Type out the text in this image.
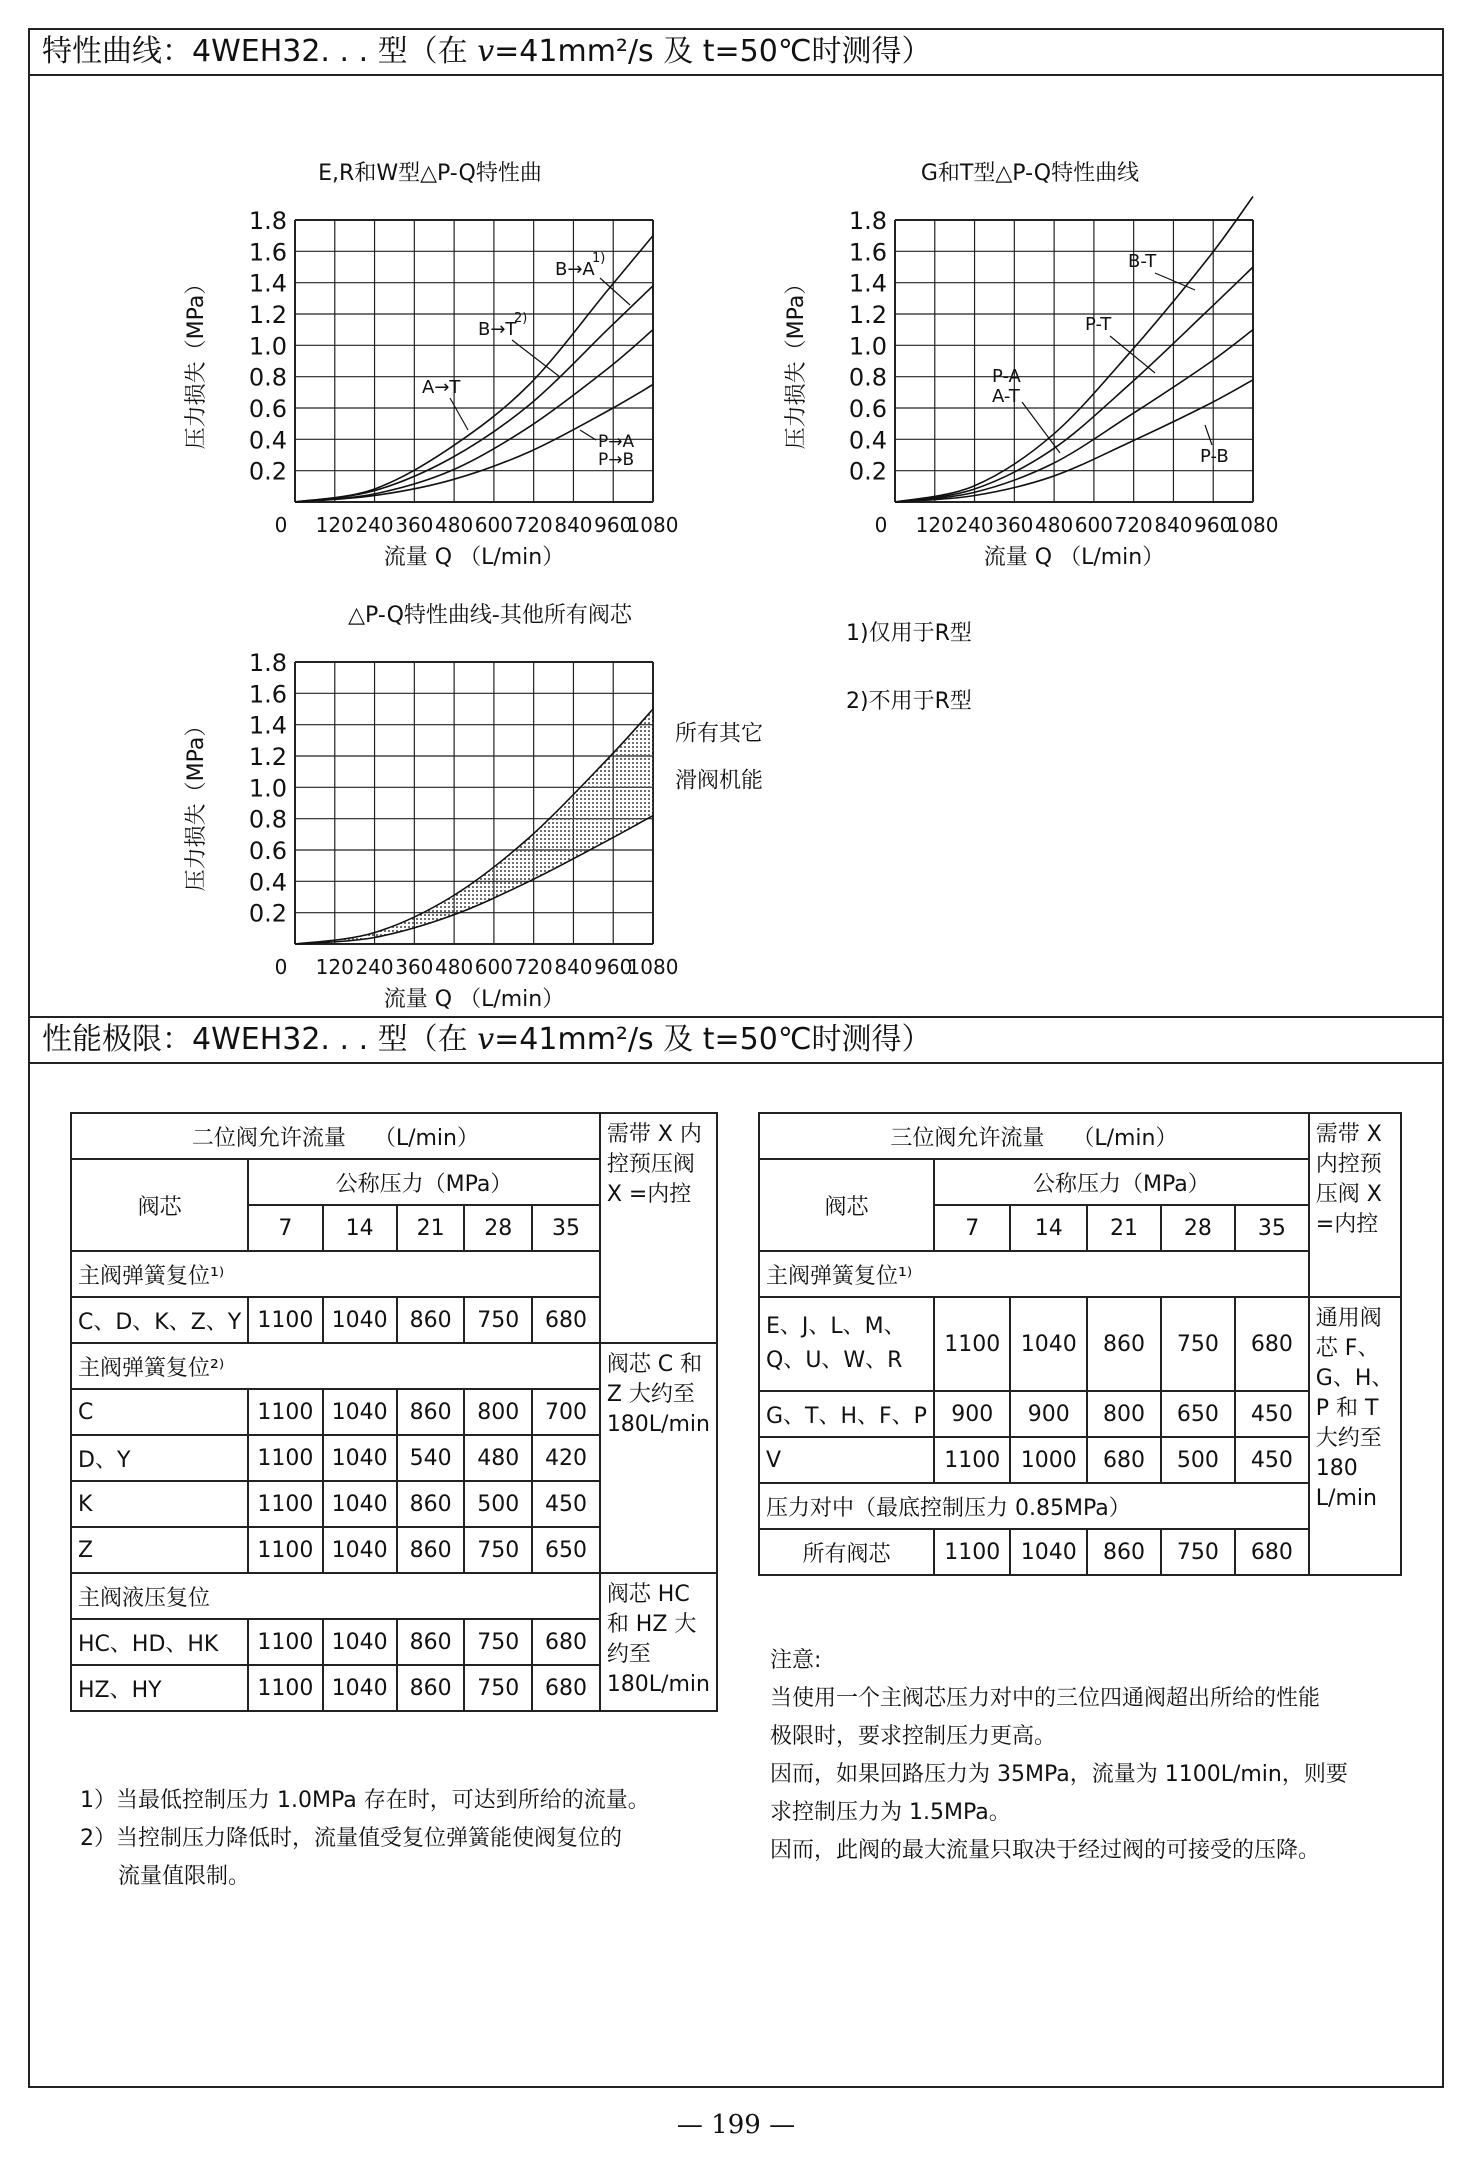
特性曲线：4WEH32. . . 型（在 v=41mm²/s 及 t=50℃时测得）
E,R和W型△P-Q特性曲
0.2
0.4
0.6
0.8
1.0
1.2
1.4
1.6
1.8
0 120 240 360 480 600 720 840 960
1080
流量 Q （L/min）
压力损失（MPa）
B→A
1)
B→T
2)
A→T
P→A
P→B
G和T型△P-Q特性曲线
0.2
0.4
0.6
0.8
1.0
1.2
1.4
1.6
1.8
0 120 240 360 480 600 720 840 960
1080
流量 Q （L/min）
压力损失（MPa）
B-T
P-T
P-A
A-T
P-B
△P-Q特性曲线-其他所有阀芯
0.2
0.4
0.6
0.8
1.0
1.2
1.4
1.6
1.8
0 120 240 360 480 600 720 840 960
1080
流量 Q （L/min）
压力损失（MPa）	所有其它
滑阀机能
1)仅用于R型
2)不用于R型
性能极限：4WEH32. . . 型（在 v=41mm²/s 及 t=50℃时测得）
二位阀允许流量 （L/min）						需带 X 内控预压阀 X =内控
阀芯	公称压力（MPa）					
	7	14	21	28	35	
主阀弹簧复位¹⁾						
C、D、K、Z、Y	1100	1040	860	750	680	
主阀弹簧复位²⁾						阀芯 C 和 Z 大约至 180L/min
C	1100	1040	860	800	700	
D、Y	1100	1040	540	480	420	
K	1100	1040	860	500	450	
Z	1100	1040	860	750	650	
主阀液压复位						阀芯 HC 和 HZ 大约至 180L/min
HC、HD、HK	1100	1040	860	750	680	
HZ、HY	1100	1040	860	750	680	
三位阀允许流量 （L/min）						需带 X 内控预压阀 X =内控
阀芯	公称压力（MPa）					
	7	14	21	28	35	
主阀弹簧复位¹⁾						
E、J、L、M、Q、U、W、R	1100	1040	860	750	680	通用阀芯 F、G、H、P 和 T 大约至 180 L/min
G、T、H、F、P	900	900	800	650	450	
V	1100	1000	680	500	450	
压力对中（最底控制压力 0.85MPa）						
所有阀芯	1100	1040	860	750	680	
1）当最低控制压力 1.0MPa 存在时，可达到所给的流量。
2）当控制压力降低时，流量值受复位弹簧能使阀复位的
流量值限制。
注意:
当使用一个主阀芯压力对中的三位四通阀超出所给的性能
极限时，要求控制压力更高。
因而，如果回路压力为 35MPa，流量为 1100L/min，则要
求控制压力为 1.5MPa。
因而，此阀的最大流量只取决于经过阀的可接受的压降。
— 199 —
